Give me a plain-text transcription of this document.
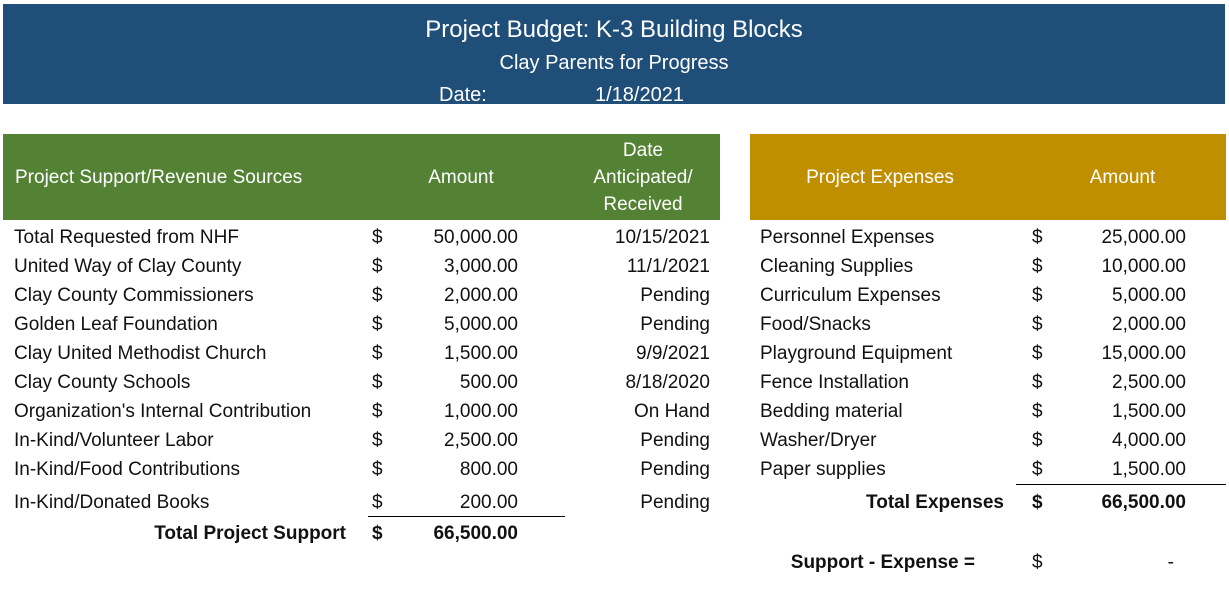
Project Budget: K-3 Building Blocks
Clay Parents for Progress
Date:	1/18/2021
Project Support/Revenue Sources	Amount
Date
Anticipated/
Received
Project Expenses	Amount
Total Requested from NHF	$	50,000.00	10/15/2021
United Way of Clay County	$	3,000.00	11/1/2021
Clay County Commissioners	$	2,000.00	Pending
Golden Leaf Foundation	$	5,000.00	Pending
Clay United Methodist Church	$	1,500.00	9/9/2021
Clay County Schools	$	500.00	8/18/2020
Organization's Internal Contribution	$	1,000.00	On Hand
In-Kind/Volunteer Labor	$	2,500.00	Pending
In-Kind/Food Contributions	$	800.00	Pending
In-Kind/Donated Books	$	200.00	Pending
Total Project Support $	66,500.00
Personnel Expenses	$	25,000.00
Cleaning Supplies	$	10,000.00
Curriculum Expenses	$	5,000.00
Food/Snacks	$	2,000.00
Playground Equipment	$	15,000.00
Fence Installation	$	2,500.00
Bedding material	$	1,500.00
Washer/Dryer	$	4,000.00
Paper supplies	$	1,500.00
Total Expenses $	66,500.00
Support - Expense =	$	-
